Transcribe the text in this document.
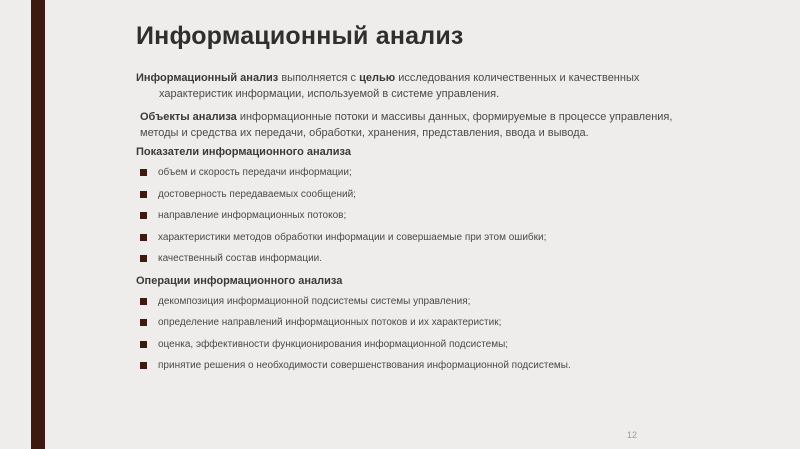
Информационный анализ

Информационный анализ выполняется с целью исследования количественных и качественных характеристик информации, используемой в системе управления.

Объекты анализа информационные потоки и массивы данных, формируемые в процессе управления, методы и средства их передачи, обработки, хранения, представления, ввода и вывода.

Показатели информационного анализа
объем и скорость передачи информации;
достоверность передаваемых сообщений;
направление информационных потоков;
характеристики методов обработки информации и совершаемые при этом ошибки;
качественный состав информации.
Операции информационного анализа
декомпозиция информационной подсистемы системы управления;
определение направлений информационных потоков и их характеристик;
оценка, эффективности функционирования информационной подсистемы;
принятие решения о необходимости совершенствования информационной подсистемы.
12
